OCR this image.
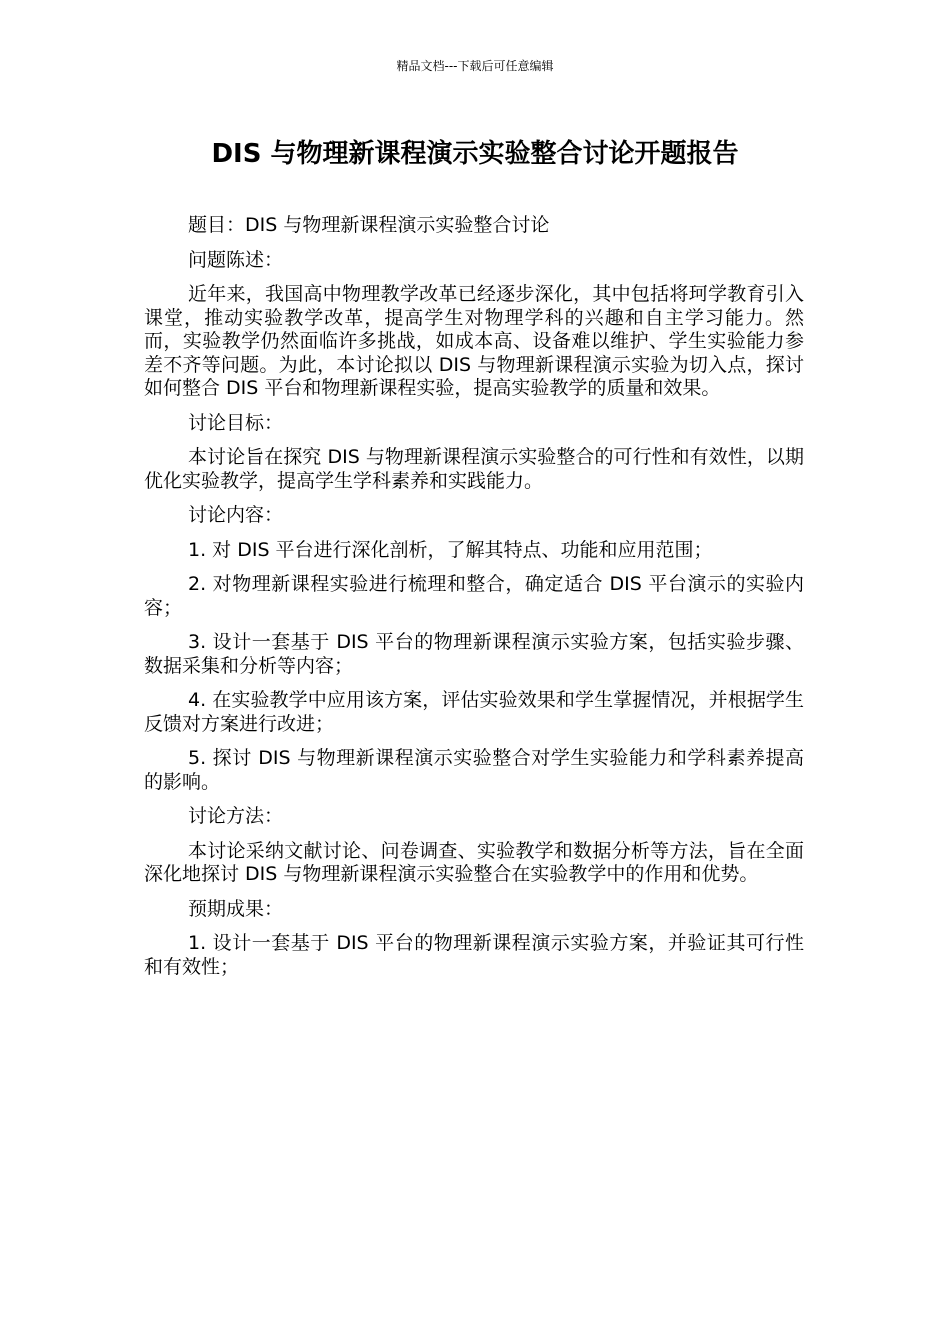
精品文档---下载后可任意编辑
DIS 与物理新课程演示实验整合讨论开题报告

题目：DIS 与物理新课程演示实验整合讨论

问题陈述：

近年来，我国高中物理教学改革已经逐步深化，其中包括将珂学教育引入课堂，推动实验教学改革，提高学生对物理学科的兴趣和自主学习能力。然而，实验教学仍然面临许多挑战，如成本高、设备难以维护、学生实验能力参差不齐等问题。为此，本讨论拟以 DIS 与物理新课程演示实验为切入点，探讨如何整合 DIS 平台和物理新课程实验，提高实验教学的质量和效果。

讨论目标：

本讨论旨在探究 DIS 与物理新课程演示实验整合的可行性和有效性，以期优化实验教学，提高学生学科素养和实践能力。

讨论内容：

1. 对 DIS 平台进行深化剖析，了解其特点、功能和应用范围；

2. 对物理新课程实验进行梳理和整合，确定适合 DIS 平台演示的实验内容；

3. 设计一套基于 DIS 平台的物理新课程演示实验方案，包括实验步骤、数据采集和分析等内容；

4. 在实验教学中应用该方案，评估实验效果和学生掌握情况，并根据学生反馈对方案进行改进；

5. 探讨 DIS 与物理新课程演示实验整合对学生实验能力和学科素养提高的影响。

讨论方法：

本讨论采纳文献讨论、问卷调查、实验教学和数据分析等方法，旨在全面深化地探讨 DIS 与物理新课程演示实验整合在实验教学中的作用和优势。

预期成果：

1. 设计一套基于 DIS 平台的物理新课程演示实验方案，并验证其可行性和有效性；
